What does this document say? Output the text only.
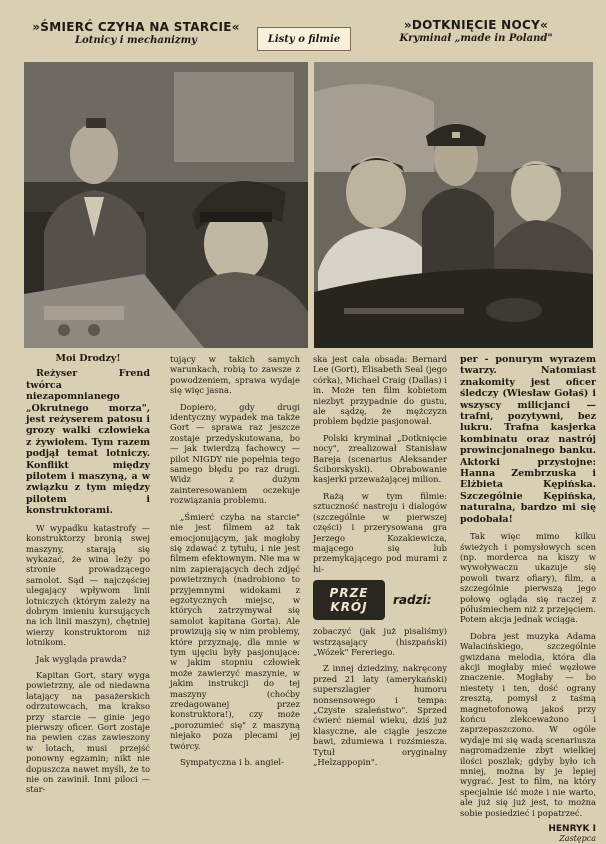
»ŚMIERĆ CZYHA NA STARCIE«
Lotnicy i mechanizmy	Listy o filmie
»DOTKNIĘCIE NOCY«
Kryminał „made in Poland"

Moi Drodzy!

Reżyser Frend twórca niezapomnianego „Okrutnego morza", jest reżyserem patosu i grozy walki człowieka z żywiołem. Tym razem podjął temat lotniczy. Konflikt między pilotem i maszyną, a w związku z tym między pilotem i konstruktorami.

W wypadku katastrofy — konstruktorzy bronią swej maszyny, starają się wykazać, że wina leży po stronie prowadzącego samolot. Sąd — najczęściej ulegający wpływom linii lotniczych (którym zależy na dobrym imieniu kursujących na ich linii maszyn), chętniej wierzy konstruktorom niż lotnikom.

Jak wygląda prawda?

Kapitan Gort, stary wyga powietrzny, ale od niedawna latający na pasażerskich odrzutowcach, ma krakso przy starcie — ginie jego pierwszy oficer. Gort zostaje na pewien czas zawieszony w lotach, musi przejść ponowny egzamin; nikt nie dopuszcza nawet myśli, że to nie on zawinił. Inni piloci — star-

tujący w takich samych warunkach, robią to zawsze z powodzeniem, sprawa wydaje się więc jasna.

Dopiero, gdy drugi identyczny wypadek ma także Gort — sprawa raz jeszcze zostaje przedyskutowana, bo — jak twierdzą fachowcy — pilot NIGDY nie popełnia tego samego błędu po raz drugi. Widz z dużym zainteresowaniem oczekuje rozwiązania problemu.

„Śmierć czyha na starcie" nie jest filmem aż tak emocjonującym, jak mogłoby się zdawać z tytułu, i nie jest filmem efektownym. Nie ma w nim zapierających dech zdjęć powietrznych (nadrobiono to przyjemnymi widokami z egzotycznych miejsc, w których zatrzymywał się samolot kapitana Gorta). Ale prowizują się w nim problemy, które przyznaję, dla mnie w tym ujęciu były pasjonujące: w jakim stopniu człowiek może zawierzyć maszynie, w jakim instrukcji do tej maszyny (choćby zredagowanej przez konstruktora!), czy może „porozumieć się" z maszyną niejako poza plecami jej twórcy.

Sympatyczna i b. angiel-

ska jest cała obsada: Bernard Lee (Gort), Elisabeth Seal (jego córka), Michael Craig (Dallas) i in. Może ten film kobietom niezbyt przypadnie do gustu, ale sądzę, że mężczyzn problem będzie pasjonował.

Polski kryminał „Dotknięcie nocy", zrealizował Stanisław Bareja (scenarius Aleksander Ściborskyski). Obrabowanie kasjerki przeważającej milion.

Rażą w tym filmie: sztuczność nastroju i dialogów (szczególnie w pierwszej części) i przerysowana gra Jerzego Kozakiewicza, mającego się lub przemykającego pod murami z hi-

PRZE
KRÓJ
radzi:

zobaczyć (jak już pisaliśmy) wstrząsający (hiszpański) „Wózek" Fereriego.

Z innej dziedziny, nakręcony przed 21 laty (amerykański) superszlagier humoru nonsensowego i tempa: „Czyste szaleństwo". Sprzed ćwierć niemal wieku, dziś już klasyczne, ale ciągle jeszcze bawi, zdumiewa i rozśmiesza. Tytuł oryginalny „Helzappopin".

per - ponurym wyrazem twarzy. Natomiast znakomity jest oficer śledczy (Wiesław Gołaś) i wszyscy milicjanci — trafni, pozytywni, bez lukru. Trafna kasjerka kombinatu oraz nastrój prowincjonalnego banku. Aktorki przystojne: Hanna Zembrzuska i Elżbieta Kępińska. Szczególnie Kępińska, naturalna, bardzo mi się podobała!

Tak więc mimo kilku świeżych i pomysłowych scen (np. morderca na kiszy w wywoływaczu ukazuje się powoli twarz ofiary), film, a szczególnie pierwszą jego połowę ogląda się raczej z półuśmiechem niż z przejęciem. Potem akcja jednak wciąga.

Dobra jest muzyka Adama Walacińskiego, szczególnie gwizdana melodia, która dla akcji mogłaby mieć węzłowe znaczenie. Mogłaby — bo niestety i ten, dość ograny zresztą, pomysł z taśmą magnetofonową jakoś przy końcu zlekceważono i zaprzepaszczono. W ogóle wydaje mi się wadą scenariusza nagromadzenie zbyt wielkiej ilości poszlak; gdyby było ich mniej, można by je lepiej wygrać. Jest to film, na który specjalnie iść może i nie warto, ale już się już jest, to można sobie posiedzieć i popatrzeć.

HENRYK I

Zastępca
